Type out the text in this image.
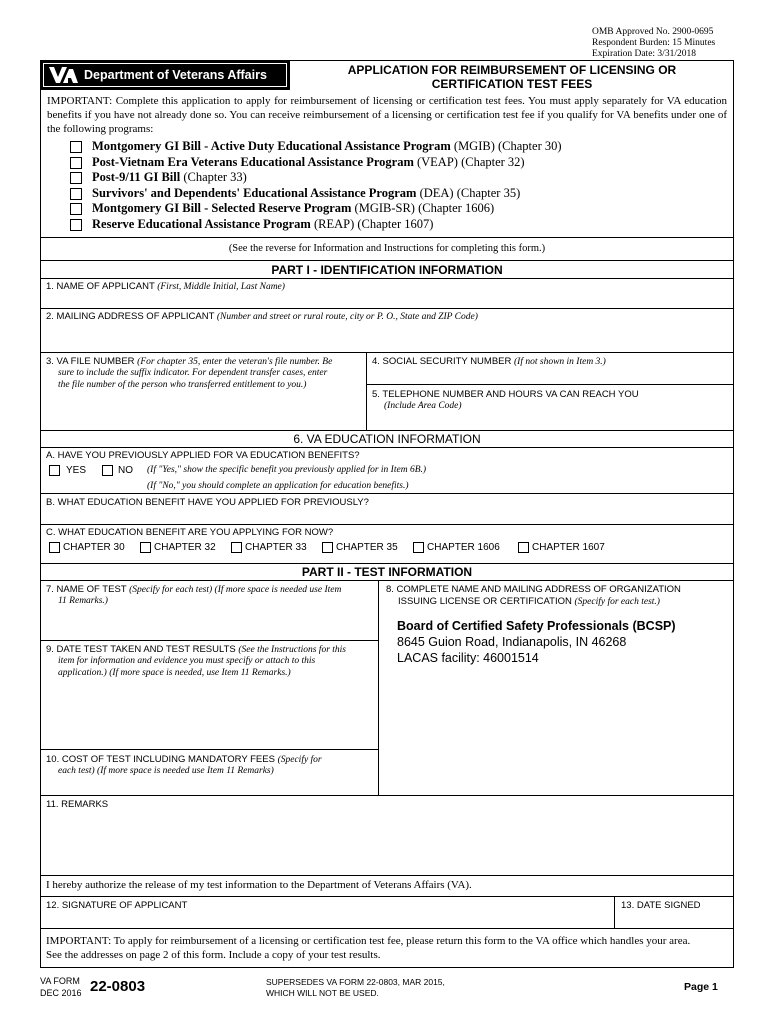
OMB Approved No. 2900-0695
Respondent Burden: 15 Minutes
Expiration Date: 3/31/2018
Department of Veterans Affairs	APPLICATION FOR REIMBURSEMENT OF LICENSING OR
CERTIFICATION TEST FEES
IMPORTANT: Complete this application to apply for reimbursement of licensing or certification test fees. You must apply separately for VA education benefits if you have not already done so. You can receive reimbursement of a licensing or certification test fee if you qualify for VA benefits under one of the following programs:
Montgomery GI Bill - Active Duty Educational Assistance Program (MGIB) (Chapter 30)
Post-Vietnam Era Veterans Educational Assistance Program (VEAP) (Chapter 32)
Post-9/11 GI Bill (Chapter 33)
Survivors' and Dependents' Educational Assistance Program (DEA) (Chapter 35)
Montgomery GI Bill - Selected Reserve Program (MGIB-SR) (Chapter 1606)
Reserve Educational Assistance Program (REAP) (Chapter 1607)
(See the reverse for Information and Instructions for completing this form.)
PART I - IDENTIFICATION INFORMATION
1. NAME OF APPLICANT (First, Middle Initial, Last Name)
2. MAILING ADDRESS OF APPLICANT (Number and street or rural route, city or P. O., State and ZIP Code)
3. VA FILE NUMBER (For chapter 35, enter the veteran's file number. Be
sure to include the suffix indicator. For dependent transfer cases, enter
the file number of the person who transferred entitlement to you.)
4. SOCIAL SECURITY NUMBER (If not shown in Item 3.)
5. TELEPHONE NUMBER AND HOURS VA CAN REACH YOU
(Include Area Code)
6. VA EDUCATION INFORMATION
A. HAVE YOU PREVIOUSLY APPLIED FOR VA EDUCATION BENEFITS?
YES	NO (If "Yes," show the specific benefit you previously applied for in Item 6B.)
(If "No," you should complete an application for education benefits.)
B. WHAT EDUCATION BENEFIT HAVE YOU APPLIED FOR PREVIOUSLY?
C. WHAT EDUCATION BENEFIT ARE YOU APPLYING FOR NOW?
CHAPTER 30	CHAPTER 32	CHAPTER 33	CHAPTER 35	CHAPTER 1606	CHAPTER 1607
PART II - TEST INFORMATION
7. NAME OF TEST (Specify for each test) (If more space is needed use Item
11 Remarks.)
8. COMPLETE NAME AND MAILING ADDRESS OF ORGANIZATION
ISSUING LICENSE OR CERTIFICATION (Specify for each test.)
Board of Certified Safety Professionals (BCSP)
8645 Guion Road, Indianapolis, IN 46268
LACAS facility: 46001514
9. DATE TEST TAKEN AND TEST RESULTS (See the Instructions for this
item for information and evidence you must specify or attach to this
application.) (If more space is needed, use Item 11 Remarks.)
10. COST OF TEST INCLUDING MANDATORY FEES (Specify for
each test) (If more space is needed use Item 11 Remarks)
11. REMARKS
I hereby authorize the release of my test information to the Department of Veterans Affairs (VA).
12. SIGNATURE OF APPLICANT	13. DATE SIGNED
IMPORTANT: To apply for reimbursement of a licensing or certification test fee, please return this form to the VA office which handles your area.
See the addresses on page 2 of this form. Include a copy of your test results.
VA FORM
DEC 2016 22-0803	SUPERSEDES VA FORM 22-0803, MAR 2015,
WHICH WILL NOT BE USED.	Page 1
